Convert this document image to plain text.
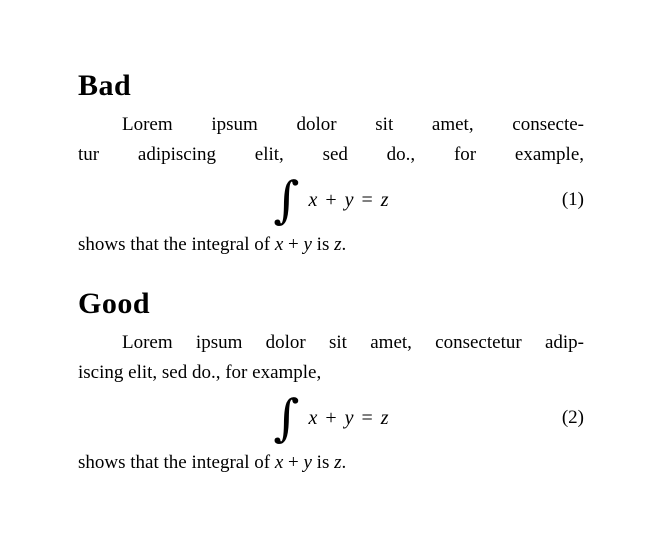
Bad
Lorem ipsum dolor sit amet, consecte-
tur adipiscing elit, sed do., for example,
∫ x + y = z	(1)
shows that the integral of x + y is z.
Good
Lorem ipsum dolor sit amet, consectetur adip-
iscing elit, sed do., for example,
∫ x + y = z	(2)
shows that the integral of x + y is z.
